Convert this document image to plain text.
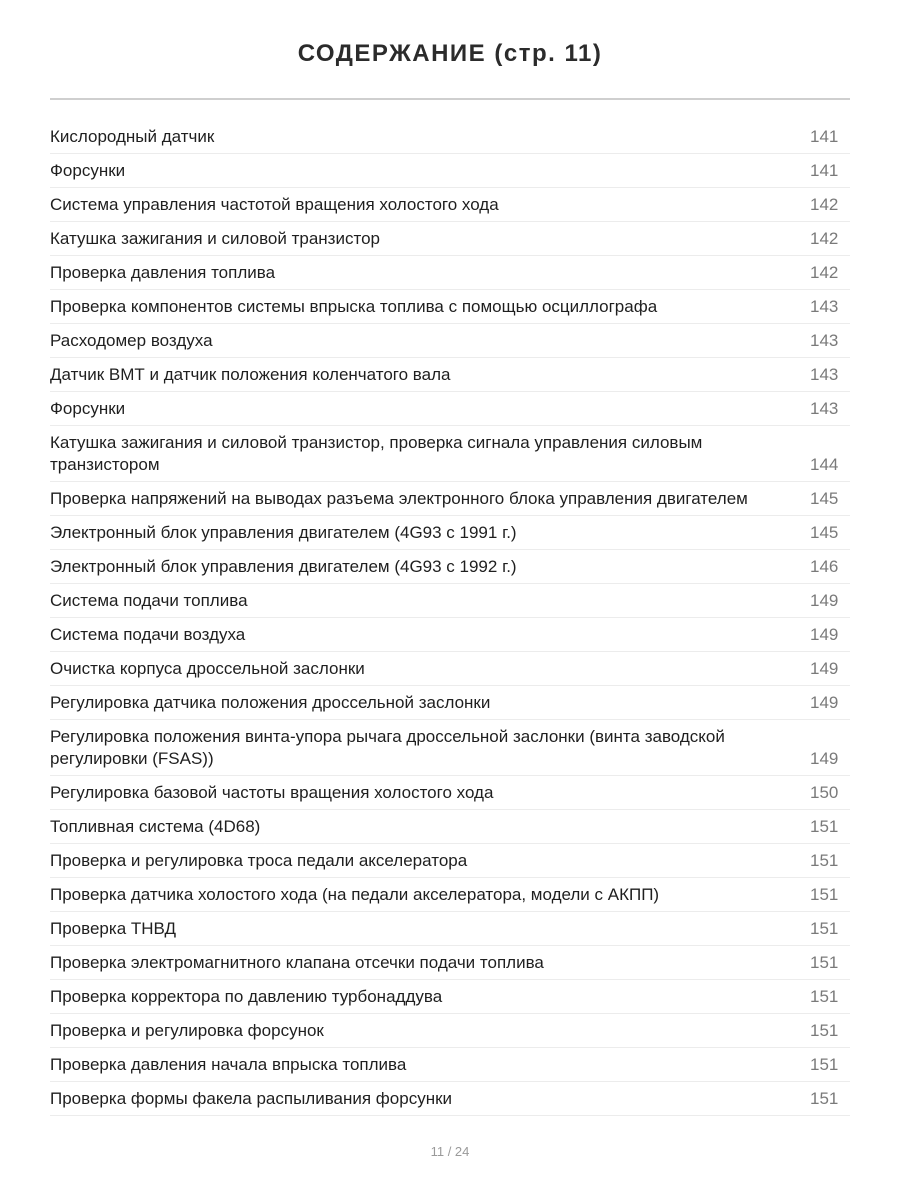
СОДЕРЖАНИЕ (стр. 11)
Кислородный датчик	141
Форсунки	141
Система управления частотой вращения холостого хода	142
Катушка зажигания и силовой транзистор	142
Проверка давления топлива	142
Проверка компонентов системы впрыска топлива с помощью осциллографа	143
Расходомер воздуха	143
Датчик ВМТ и датчик положения коленчатого вала	143
Форсунки	143
Катушка зажигания и силовой транзистор, проверка сигнала управления силовым транзистором	144
Проверка напряжений на выводах разъема электронного блока управления двигателем	145
Электронный блок управления двигателем (4G93 с 1991 г.)	145
Электронный блок управления двигателем (4G93 с 1992 г.)	146
Система подачи топлива	149
Система подачи воздуха	149
Очистка корпуса дроссельной заслонки	149
Регулировка датчика положения дроссельной заслонки	149
Регулировка положения винта-упора рычага дроссельной заслонки (винта заводской регулировки (FSAS))	149
Регулировка базовой частоты вращения холостого хода	150
Топливная система (4D68)	151
Проверка и регулировка троса педали акселератора	151
Проверка датчика холостого хода (на педали акселератора, модели с АКПП)	151
Проверка ТНВД	151
Проверка электромагнитного клапана отсечки подачи топлива	151
Проверка корректора по давлению турбонаддува	151
Проверка и регулировка форсунок	151
Проверка давления начала впрыска топлива	151
Проверка формы факела распыливания форсунки	151
11 / 24
